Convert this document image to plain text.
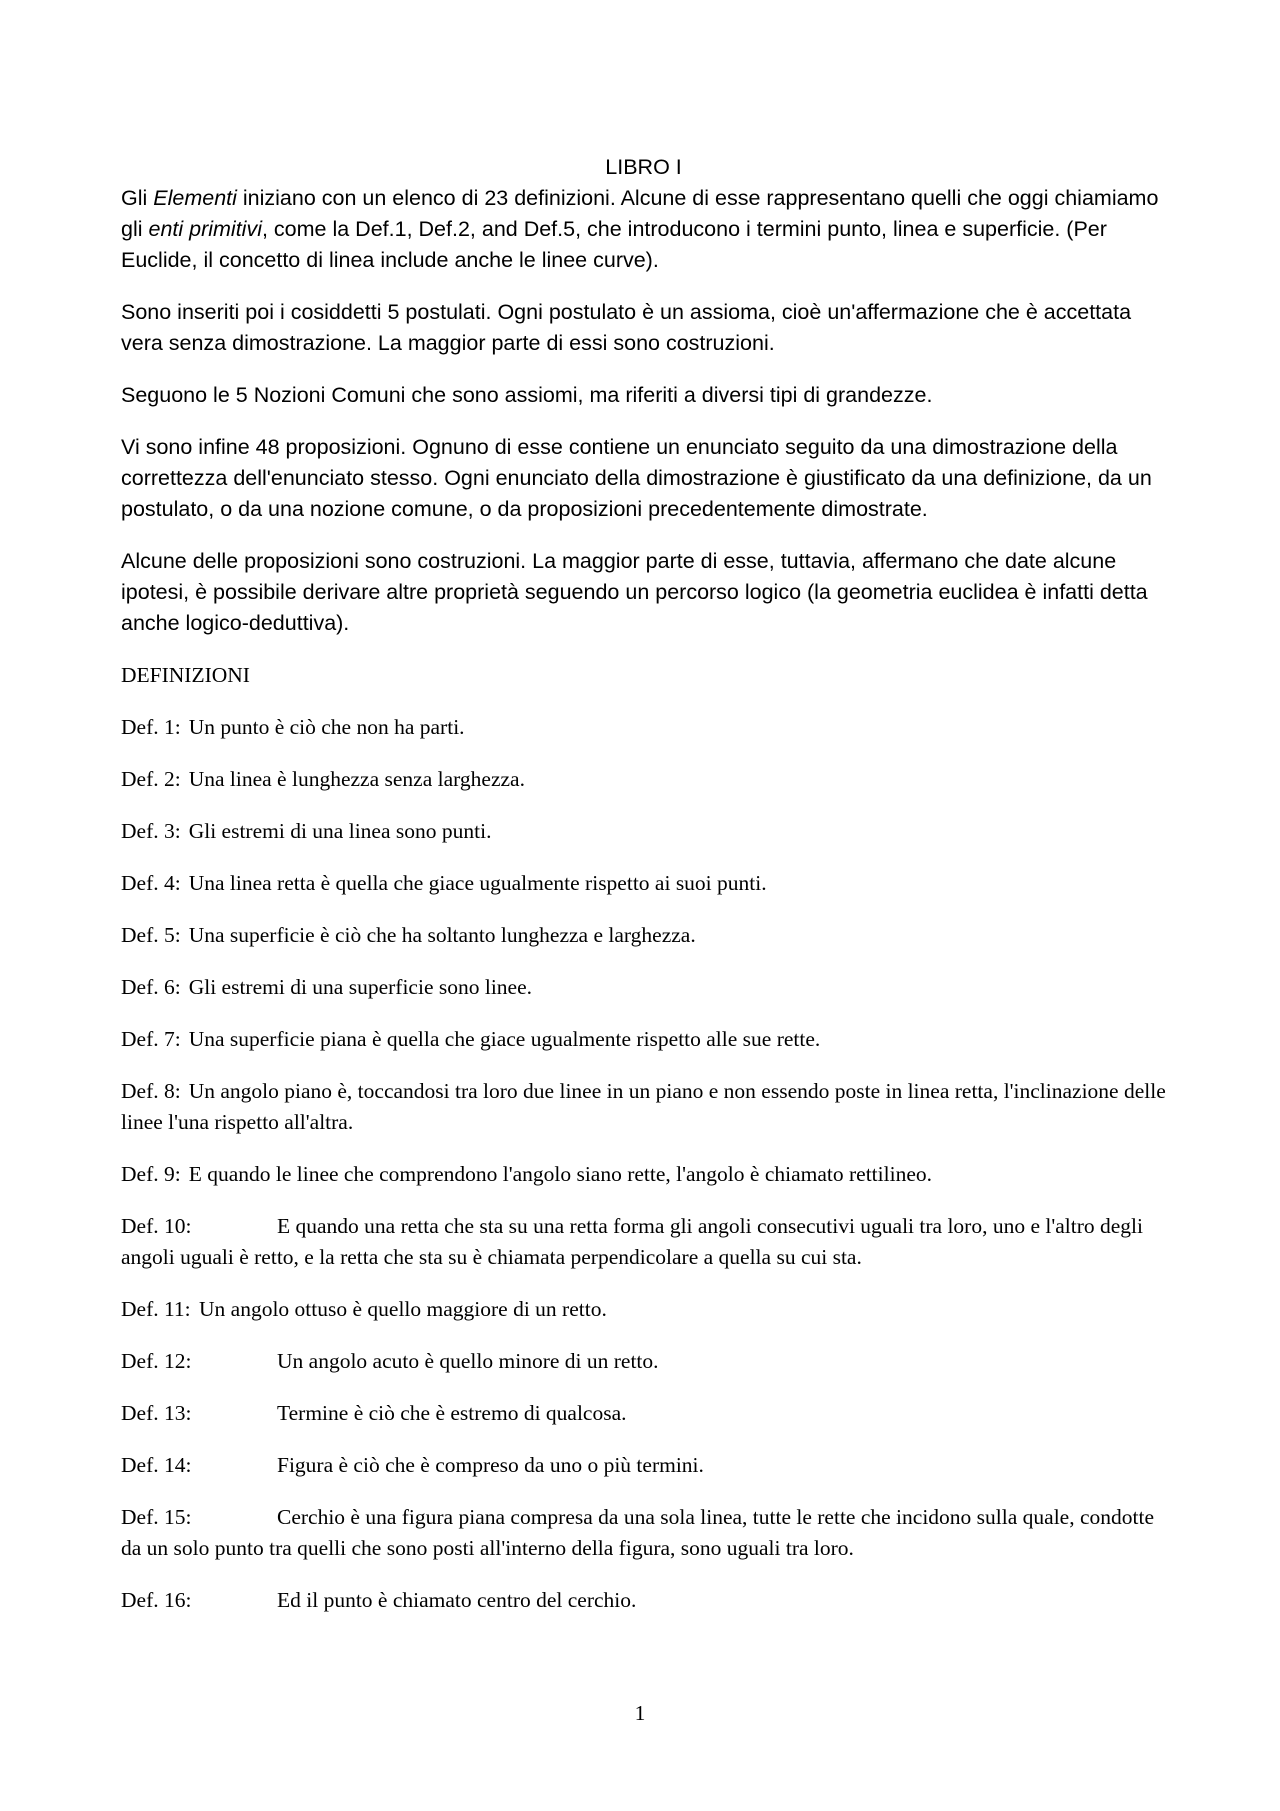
LIBRO I

Gli Elementi iniziano con un elenco di 23 definizioni. Alcune di esse rappresentano quelli che oggi chiamiamo gli enti primitivi, come la Def.1, Def.2, and Def.5, che introducono i termini punto, linea e superficie. (Per Euclide, il concetto di linea include anche le linee curve).

Sono inseriti poi i cosiddetti 5 postulati. Ogni postulato è un assioma, cioè un'affermazione che è accettata vera senza dimostrazione. La maggior parte di essi sono costruzioni.

Seguono le 5 Nozioni Comuni che sono assiomi, ma riferiti a diversi tipi di grandezze.

Vi sono infine 48 proposizioni. Ognuno di esse contiene un enunciato seguito da una dimostrazione della correttezza dell'enunciato stesso. Ogni enunciato della dimostrazione è giustificato da una definizione, da un postulato, o da una nozione comune, o da proposizioni precedentemente dimostrate.

Alcune delle proposizioni sono costruzioni. La maggior parte di esse, tuttavia, affermano che date alcune ipotesi, è possibile derivare altre proprietà seguendo un percorso logico (la geometria euclidea è infatti detta anche logico-deduttiva).

DEFINIZIONI

Def. 1: Un punto è ciò che non ha parti.

Def. 2: Una linea è lunghezza senza larghezza.

Def. 3: Gli estremi di una linea sono punti.

Def. 4: Una linea retta è quella che giace ugualmente rispetto ai suoi punti.

Def. 5: Una superficie è ciò che ha soltanto lunghezza e larghezza.

Def. 6: Gli estremi di una superficie sono linee.

Def. 7: Una superficie piana è quella che giace ugualmente rispetto alle sue rette.

Def. 8: Un angolo piano è, toccandosi tra loro due linee in un piano e non essendo poste in linea retta, l'inclinazione delle linee l'una rispetto all'altra.

Def. 9: E quando le linee che comprendono l'angolo siano rette, l'angolo è chiamato rettilineo.

Def. 10:	E quando una retta che sta su una retta forma gli angoli consecutivi uguali tra loro, uno e l'altro degli angoli uguali è retto, e la retta che sta su è chiamata perpendicolare a quella su cui sta.

Def. 11: Un angolo ottuso è quello maggiore di un retto.

Def. 12:	Un angolo acuto è quello minore di un retto.

Def. 13:	Termine è ciò che è estremo di qualcosa.

Def. 14:	Figura è ciò che è compreso da uno o più termini.

Def. 15:	Cerchio è una figura piana compresa da una sola linea, tutte le rette che incidono sulla quale, condotte da un solo punto tra quelli che sono posti all'interno della figura, sono uguali tra loro.

Def. 16:	Ed il punto è chiamato centro del cerchio.

1
